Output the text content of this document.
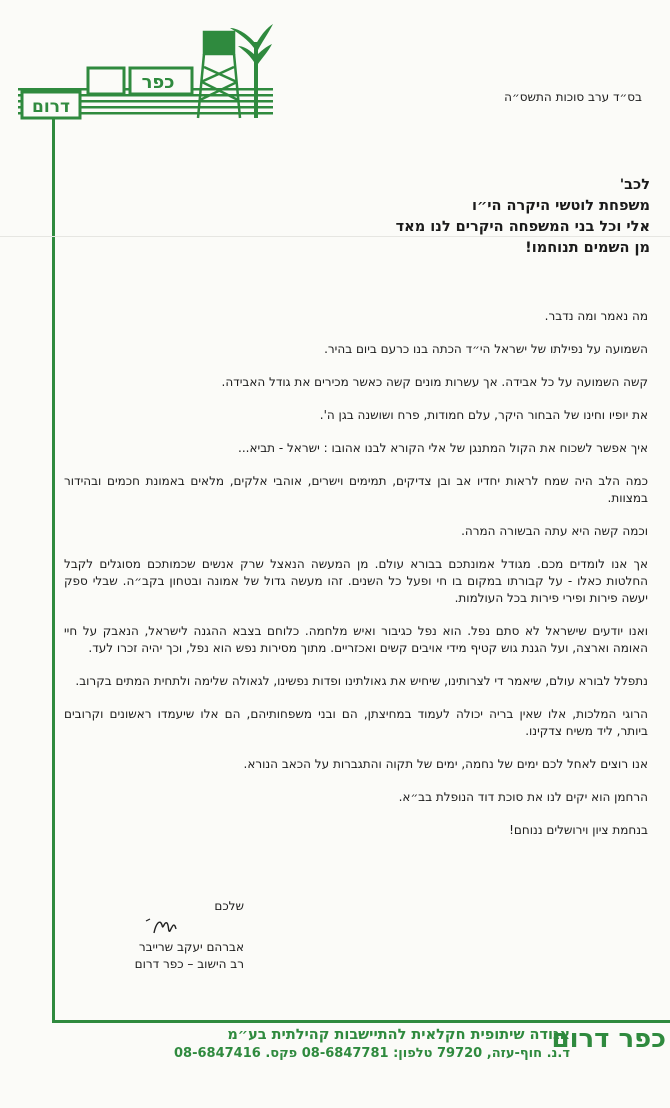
דרום
כפר
בס״ד ערב סוכות התשס״ה
לכב'
משפחת לוטשי היקרה הי״ו
אלי וכל בני המשפחה היקרים לנו מאד
מן השמים תנוחמו!

מה נאמר ומה נדבר.

השמועה על נפילתו של ישראל הי״ד הכתה בנו כרעם ביום בהיר.

קשה השמועה על כל אבידה. אך עשרות מונים קשה כאשר מכירים את גודל האבידה.

את יופיו וחינו של הבחור היקר, עלם חמודות, פרח ושושנה בגן ה'.

איך אפשר לשכוח את הקול המתנגן של אלי הקורא לבנו אהובו : ישראל - תביא...

כמה הלב היה שמח לראות יחדיו אב ובן צדיקים, תמימים וישרים, אוהבי אלקים, מלאים באמונת חכמים ובהידור במצוות.

וכמה קשה היא עתה הבשורה המרה.

אך אנו לומדים מכם. מגודל אמונתכם בבורא עולם. מן המעשה הנאצל שרק אנשים שכמותכם מסוגלים לקבל החלטות כאלו - על קבורתו במקום בו חי ופעל כל השנים. זהו מעשה גדול של אמונה ובטחון בקב״ה. שבלי ספק יעשה פירות ופירי פירות בכל העולמות.

ואנו יודעים שישראל לא סתם נפל. הוא נפל כגיבור ואיש מלחמה. כלוחם בצבא ההגנה לישראל, הנאבק על חיי האומה וארצה, ועל הגנת גוש קטיף מידי אויבים קשים ואכזריים. מתוך מסירות נפש הוא נפל, וכך יהיה זכרו לעד.

נתפלל לבורא עולם, שיאמר די לצרותינו, שיחיש את גאולתינו ופדות נפשינו, לגאולה שלימה ולתחית המתים בקרוב.

הרוגי המלכות, אלו שאין בריה יכולה לעמוד במחיצתן, הם ובני משפחותיהם, הם אלו שיעמדו ראשונים וקרובים ביותר, ליד משיח צדקינו.

אנו רוצים לאחל לכם ימים של נחמה, ימים של תקוה והתגברות על הכאב הנורא.

הרחמן הוא יקים לנו את סוכת דוד הנופלת בב״א.

בנחמת ציון וירושלים ננוחם!

שלכם
אברהם יעקב שרייבר
רב הישוב – כפר דרום
כפר דרום
אגודה שיתופית חקלאית להתיישבות קהילתית בע״מ
ד.נ. חוף-עזה, 79720 טלפון: 08-6847781 פקס. 08-6847416
